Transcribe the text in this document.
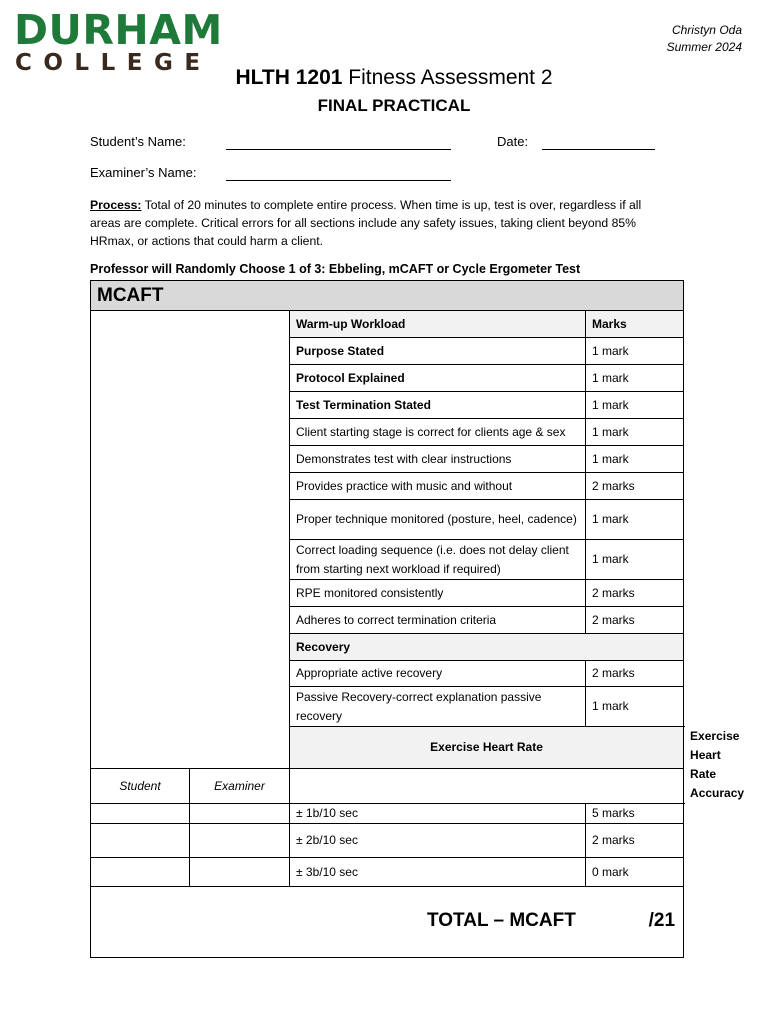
DURHAM
COLLEGE
Christyn Oda
Summer 2024
HLTH 1201 Fitness Assessment 2
FINAL PRACTICAL
Student’s Name:	Date:
Examiner’s Name:
Process: Total of 20 minutes to complete entire process. When time is up, test is over, regardless if all areas are complete. Critical errors for all sections include any safety issues, taking client beyond 85% HRmax, or actions that could harm a client.
Professor will Randomly Choose 1 of 3: Ebbeling, mCAFT or Cycle Ergometer Test
MCAFT				
		Warm-up Workload	Marks	
		Purpose Stated	1 mark	
		Protocol Explained	1 mark	
		Test Termination Stated	1 mark	
		Client starting stage is correct for clients age & sex	1 mark	
		Demonstrates test with clear instructions	1 mark	
		Provides practice with music and without	2 marks	
		Proper technique monitored (posture, heel, cadence)	1 mark	
		Correct loading sequence (i.e. does not delay client from starting next workload if required)	1 mark	
		RPE monitored consistently	2 marks	
		Adheres to correct termination criteria	2 marks	
		Recovery		
		Appropriate active recovery	2 marks	
		Passive Recovery-correct explanation passive recovery	1 mark	
		Exercise Heart Rate		Exercise Heart Rate Accuracy
Student	Examiner			
		± 1b/10 sec	5 marks	
		± 2b/10 sec	2 marks	
		± 3b/10 sec	0 mark	

TOTAL – MCAFT /21				
